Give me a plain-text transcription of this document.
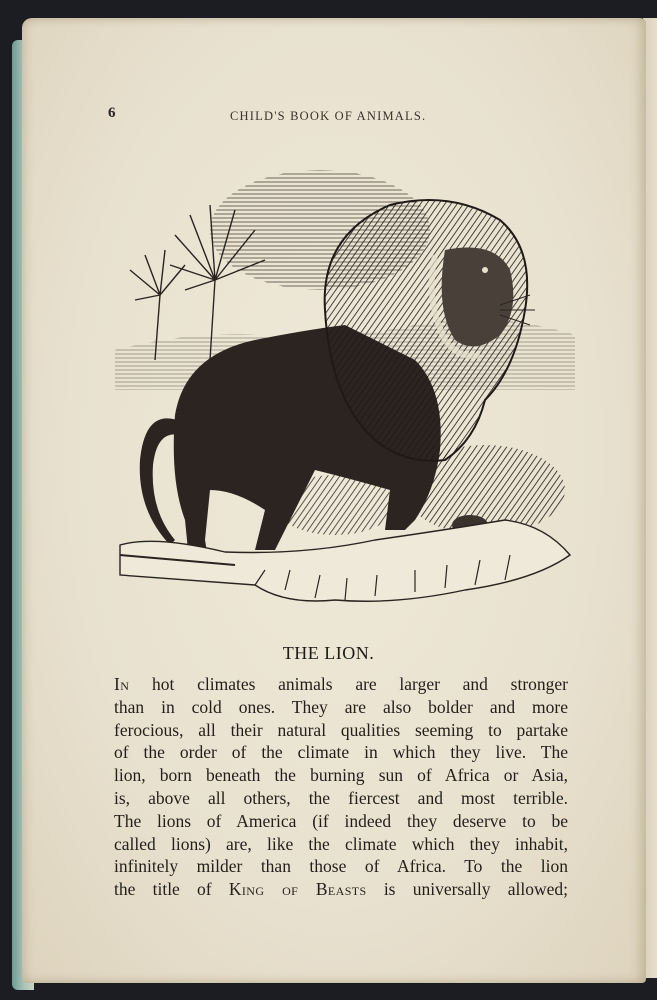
6	CHILD'S BOOK OF ANIMALS.
THE LION.
In hot climates animals are larger and stronger
than in cold ones. They are also bolder and more
ferocious, all their natural qualities seeming to partake
of the order of the climate in which they live. The
lion, born beneath the burning sun of Africa or Asia,
is, above all others, the fiercest and most terrible.
The lions of America (if indeed they deserve to be
called lions) are, like the climate which they inhabit,
infinitely milder than those of Africa. To the lion
the title of King of Beasts is universally allowed;
